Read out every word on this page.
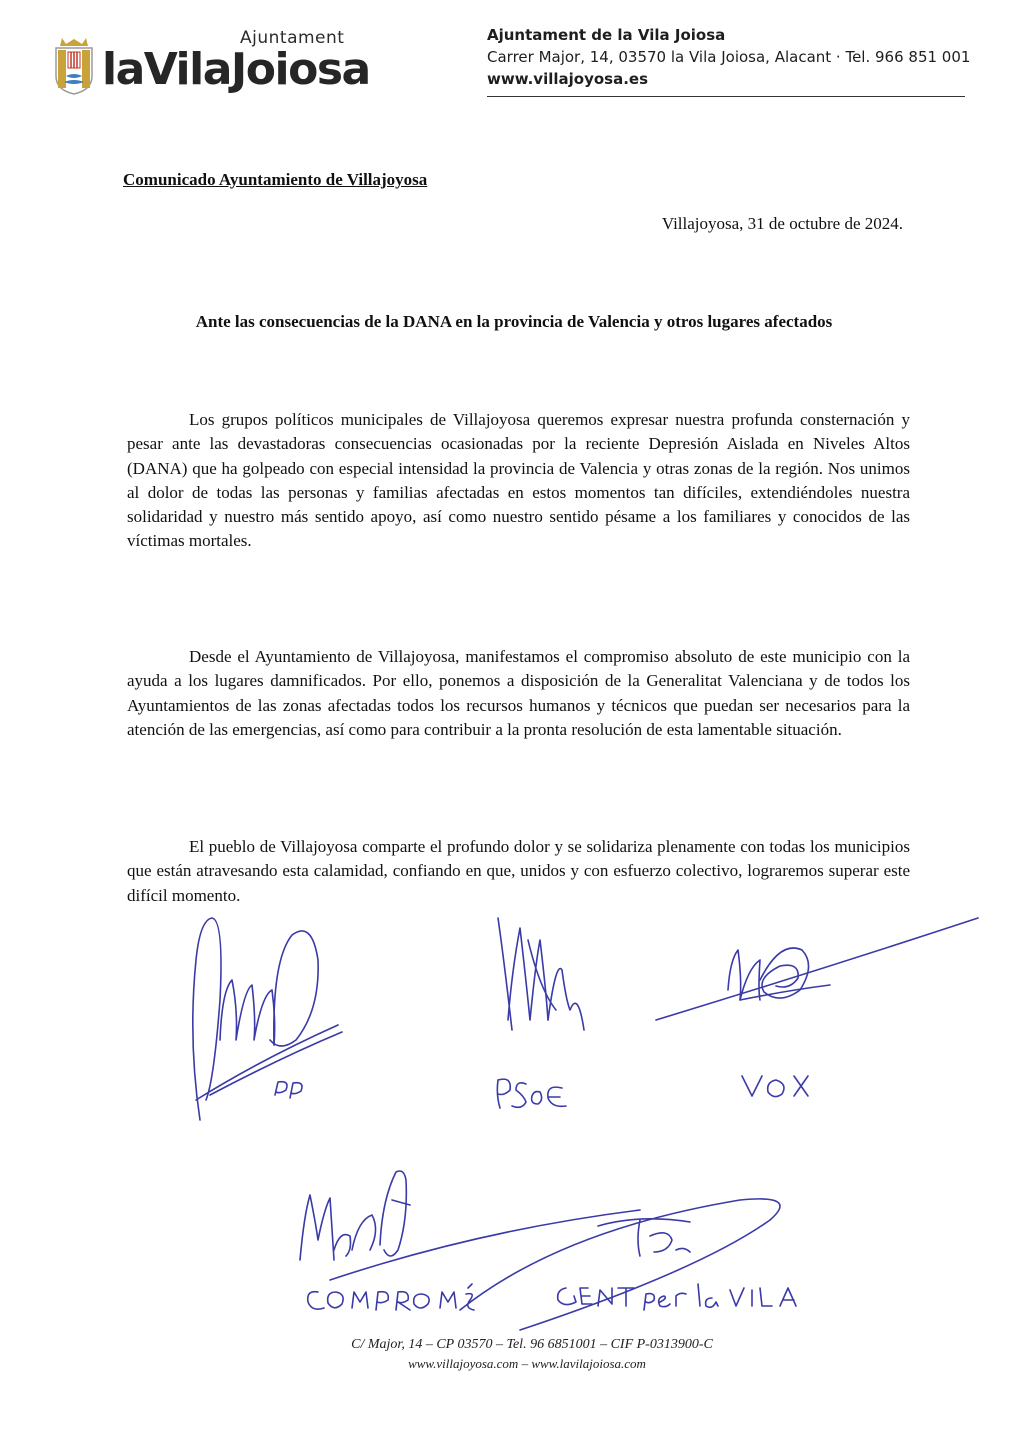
Ajuntament
laVilaJoiosa
Ajuntament de la Vila Joiosa
Carrer Major, 14, 03570 la Vila Joiosa, Alacant · Tel. 966 851 001
www.villajoyosa.es
Comunicado Ayuntamiento de Villajoyosa
Villajoyosa, 31 de octubre de 2024.
Ante las consecuencias de la DANA en la provincia de Valencia y otros lugares afectados
Los grupos políticos municipales de Villajoyosa queremos expresar nuestra profunda consternación y pesar ante las devastadoras consecuencias ocasionadas por la reciente Depresión Aislada en Niveles Altos (DANA) que ha golpeado con especial intensidad la provincia de Valencia y otras zonas de la región. Nos unimos al dolor de todas las personas y familias afectadas en estos momentos tan difíciles, extendiéndoles nuestra solidaridad y nuestro más sentido apoyo, así como nuestro sentido pésame a los familiares y conocidos de las víctimas mortales.
Desde el Ayuntamiento de Villajoyosa, manifestamos el compromiso absoluto de este municipio con la ayuda a los lugares damnificados. Por ello, ponemos a disposición de la Generalitat Valenciana y de todos los Ayuntamientos de las zonas afectadas todos los recursos humanos y técnicos que puedan ser necesarios para la atención de las emergencias, así como para contribuir a la pronta resolución de esta lamentable situación.
El pueblo de Villajoyosa comparte el profundo dolor y se solidariza plenamente con todas los municipios que están atravesando esta calamidad, confiando en que, unidos y con esfuerzo colectivo, lograremos superar este difícil momento.
C/ Major, 14 – CP 03570 – Tel. 96 6851001 – CIF P-0313900-C
www.villajoyosa.com – www.lavilajoiosa.com
